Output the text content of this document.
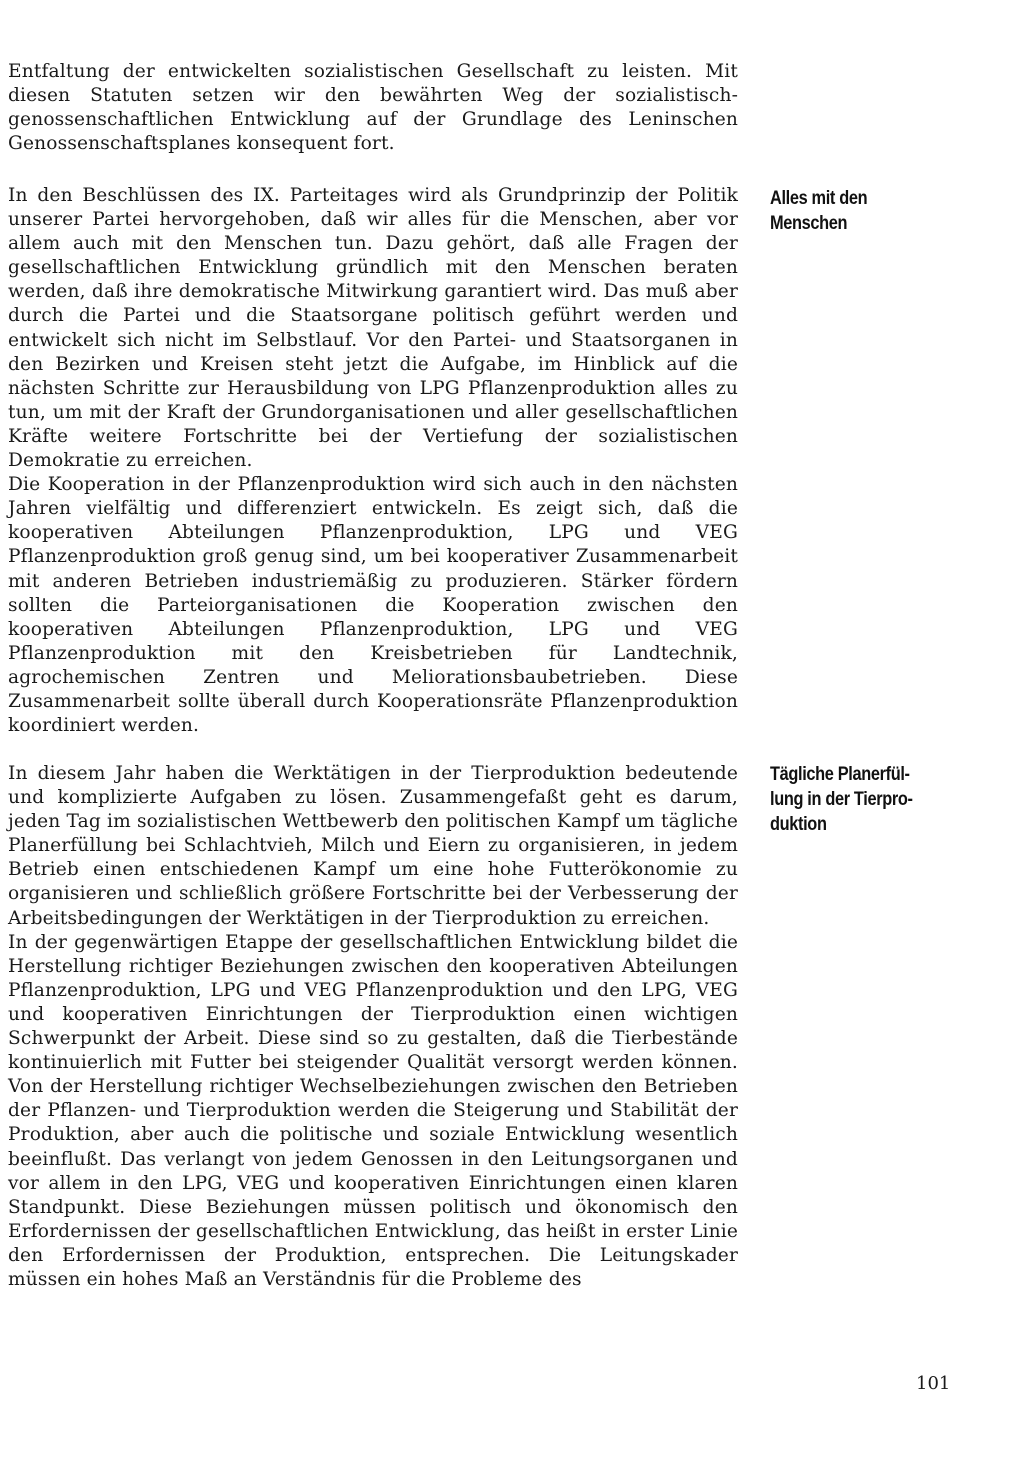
Entfaltung der entwickelten sozialistischen Gesellschaft zu leisten. Mit diesen Statuten setzen wir den bewährten Weg der sozialistisch-genossenschaftlichen Entwicklung auf der Grundlage des Leninschen Genossenschaftsplanes konsequent fort.

In den Beschlüssen des IX. Parteitages wird als Grundprinzip der Politik unserer Partei hervorgehoben, daß wir alles für die Menschen, aber vor allem auch mit den Menschen tun. Dazu gehört, daß alle Fragen der gesellschaftlichen Entwicklung gründlich mit den Menschen beraten werden, daß ihre demokratische Mitwirkung garantiert wird. Das muß aber durch die Partei und die Staatsorgane politisch geführt werden und entwickelt sich nicht im Selbstlauf. Vor den Partei- und Staatsorganen in den Bezirken und Kreisen steht jetzt die Aufgabe, im Hinblick auf die nächsten Schritte zur Herausbildung von LPG Pflanzenproduktion alles zu tun, um mit der Kraft der Grundorganisationen und aller gesellschaftlichen Kräfte weitere Fortschritte bei der Vertiefung der sozialistischen Demokratie zu erreichen.

Die Kooperation in der Pflanzenproduktion wird sich auch in den nächsten Jahren vielfältig und differenziert entwickeln. Es zeigt sich, daß die kooperativen Abteilungen Pflanzenproduktion, LPG und VEG Pflanzenproduktion groß genug sind, um bei kooperativer Zusammenarbeit mit anderen Betrieben industriemäßig zu produzieren. Stärker fördern sollten die Parteiorganisationen die Kooperation zwischen den kooperativen Abteilungen Pflanzenproduktion, LPG und VEG Pflanzenproduktion mit den Kreisbetrieben für Landtechnik, agrochemischen Zentren und Meliorationsbaubetrieben. Diese Zusammenarbeit sollte überall durch Kooperationsräte Pflanzenproduktion koordiniert werden.

In diesem Jahr haben die Werktätigen in der Tierproduktion bedeutende und komplizierte Aufgaben zu lösen. Zusammengefaßt geht es darum, jeden Tag im sozialistischen Wettbewerb den politischen Kampf um tägliche Planerfüllung bei Schlachtvieh, Milch und Eiern zu organisieren, in jedem Betrieb einen entschiedenen Kampf um eine hohe Futterökonomie zu organisieren und schließlich größere Fortschritte bei der Verbesserung der Arbeitsbedingungen der Werktätigen in der Tierproduktion zu erreichen.

In der gegenwärtigen Etappe der gesellschaftlichen Entwicklung bildet die Herstellung richtiger Beziehungen zwischen den kooperativen Abteilungen Pflanzenproduktion, LPG und VEG Pflanzenproduktion und den LPG, VEG und kooperativen Einrichtungen der Tierproduktion einen wichtigen Schwerpunkt der Arbeit. Diese sind so zu gestalten, daß die Tierbestände kontinuierlich mit Futter bei steigender Qualität versorgt werden können. Von der Herstellung richtiger Wechselbeziehungen zwischen den Betrieben der Pflanzen- und Tierproduktion werden die Steigerung und Stabilität der Produktion, aber auch die politische und soziale Entwicklung wesentlich beeinflußt. Das verlangt von jedem Genossen in den Leitungsorganen und vor allem in den LPG, VEG und kooperativen Einrichtungen einen klaren Standpunkt. Diese Beziehungen müssen politisch und ökonomisch den Erfordernissen der gesellschaftlichen Entwicklung, das heißt in erster Linie den Erfordernissen der Produktion, entsprechen. Die Leitungskader müssen ein hohes Maß an Verständnis für die Probleme des

Alles mit den
Menschen
Tägliche Planerfül-
lung in der Tierpro-
duktion
101
